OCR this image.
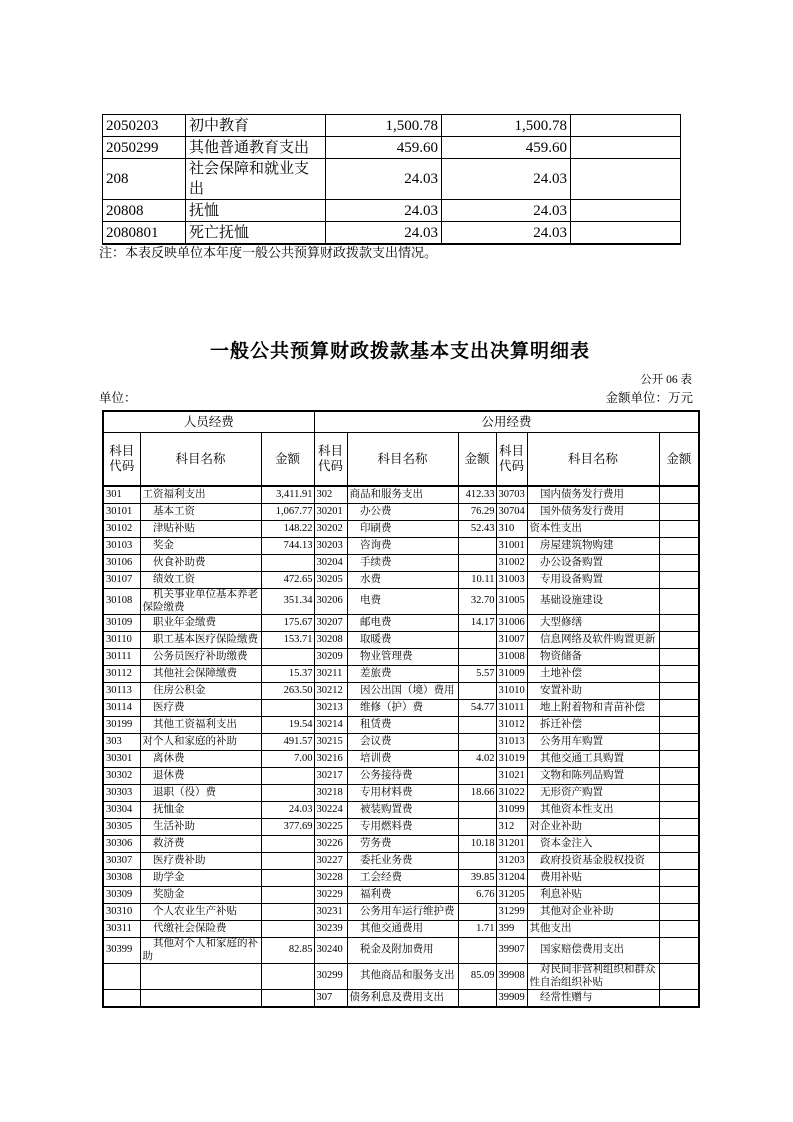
2050203	初中教育	1,500.78	1,500.78	
2050299	其他普通教育支出	459.60	459.60	
208	社会保障和就业支出	24.03	24.03	
20808	抚恤	24.03	24.03	
2080801	死亡抚恤	24.03	24.03	
注：本表反映单位本年度一般公共预算财政拨款支出情况。
一般公共预算财政拨款基本支出决算明细表
公开 06 表
单位：	金额单位：万元
人员经费			公用经费					
科目代码	科目名称	金额	科目代码	科目名称	金额	科目代码	科目名称	金额
301	工资福利支出	3,411.91	302	商品和服务支出	412.33	30703	国内债务发行费用	
30101	基本工资	1,067.77	30201	办公费	76.29	30704	国外债务发行费用	
30102	津贴补贴	148.22	30202	印刷费	52.43	310	资本性支出	
30103	奖金	744.13	30203	咨询费		31001	房屋建筑物购建	
30106	伙食补助费		30204	手续费		31002	办公设备购置	
30107	绩效工资	472.65	30205	水费	10.11	31003	专用设备购置	
30108	机关事业单位基本养老保险缴费	351.34	30206	电费	32.70	31005	基础设施建设	
30109	职业年金缴费	175.67	30207	邮电费	14.17	31006	大型修缮	
30110	职工基本医疗保险缴费	153.71	30208	取暖费		31007	信息网络及软件购置更新	
30111	公务员医疗补助缴费		30209	物业管理费		31008	物资储备	
30112	其他社会保障缴费	15.37	30211	差旅费	5.57	31009	土地补偿	
30113	住房公积金	263.50	30212	因公出国（境）费用		31010	安置补助	
30114	医疗费		30213	维修（护）费	54.77	31011	地上附着物和青苗补偿	
30199	其他工资福利支出	19.54	30214	租赁费		31012	拆迁补偿	
303	对个人和家庭的补助	491.57	30215	会议费		31013	公务用车购置	
30301	离休费	7.00	30216	培训费	4.02	31019	其他交通工具购置	
30302	退休费		30217	公务接待费		31021	文物和陈列品购置	
30303	退职（役）费		30218	专用材料费	18.66	31022	无形资产购置	
30304	抚恤金	24.03	30224	被装购置费		31099	其他资本性支出	
30305	生活补助	377.69	30225	专用燃料费		312	对企业补助	
30306	救济费		30226	劳务费	10.18	31201	资本金注入	
30307	医疗费补助		30227	委托业务费		31203	政府投资基金股权投资	
30308	助学金		30228	工会经费	39.85	31204	费用补贴	
30309	奖励金		30229	福利费	6.76	31205	利息补贴	
30310	个人农业生产补贴		30231	公务用车运行维护费		31299	其他对企业补助	
30311	代缴社会保险费		30239	其他交通费用	1.71	399	其他支出	
30399	其他对个人和家庭的补助	82.85	30240	税金及附加费用		39907	国家赔偿费用支出	
			30299	其他商品和服务支出	85.09	39908	对民间非营利组织和群众性自治组织补贴	
			307	债务利息及费用支出		39909	经常性赠与	
